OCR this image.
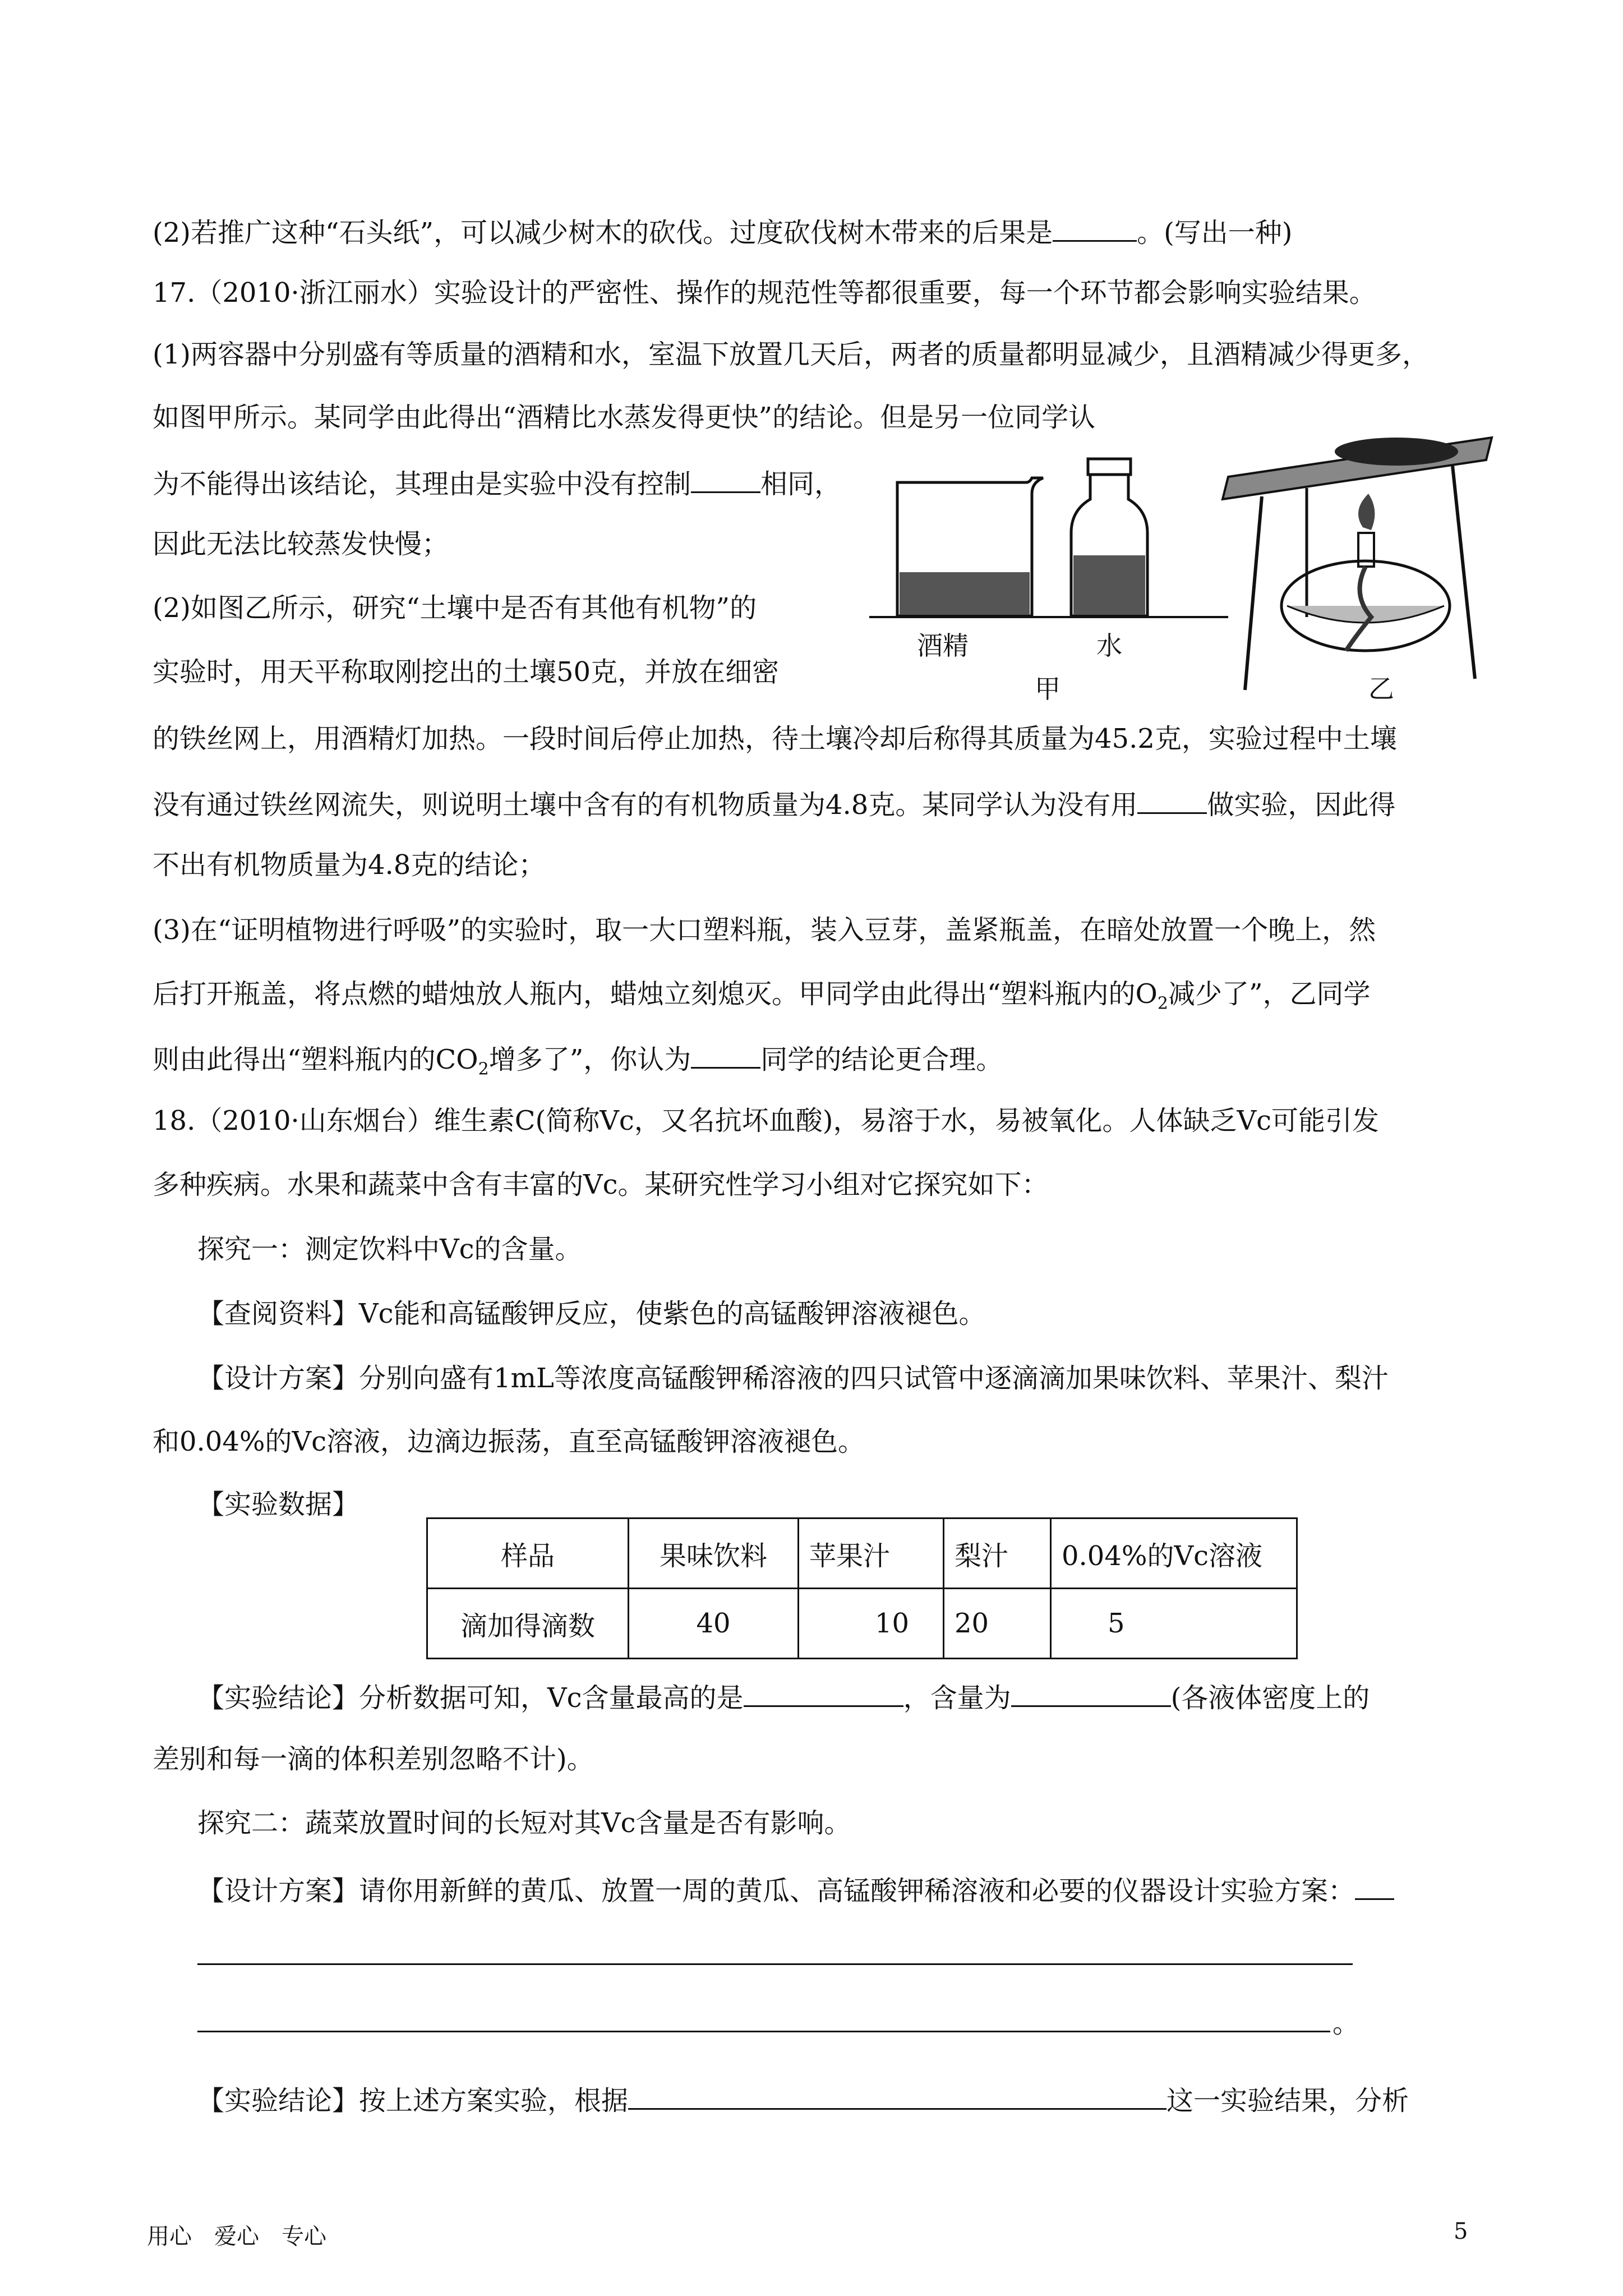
(2)若推广这种“石头纸”，可以减少树木的砍伐。过度砍伐树木带来的后果是	。(写出一种)
17.（2010·浙江丽水）实验设计的严密性、操作的规范性等都很重要，每一个环节都会影响实验结果。
(1)两容器中分别盛有等质量的酒精和水，室温下放置几天后，两者的质量都明显减少，且酒精减少得更多，
如图甲所示。某同学由此得出“酒精比水蒸发得更快”的结论。但是另一位同学认
为不能得出该结论，其理由是实验中没有控制	相同，
因此无法比较蒸发快慢；
(2)如图乙所示，研究“土壤中是否有其他有机物”的
实验时，用天平称取刚挖出的土壤50克，并放在细密
的铁丝网上，用酒精灯加热。一段时间后停止加热，待土壤冷却后称得其质量为45.2克，实验过程中土壤
没有通过铁丝网流失，则说明土壤中含有的有机物质量为4.8克。某同学认为没有用	做实验，因此得
不出有机物质量为4.8克的结论；
(3)在“证明植物进行呼吸”的实验时，取一大口塑料瓶，装入豆芽，盖紧瓶盖，在暗处放置一个晚上，然
后打开瓶盖，将点燃的蜡烛放人瓶内，蜡烛立刻熄灭。甲同学由此得出“塑料瓶内的$O_2$减少了”，乙同学
则由此得出“塑料瓶内的$CO_2$增多了”，你认为	同学的结论更合理。
18.（2010·山东烟台）维生素C(简称Vc，又名抗坏血酸)，易溶于水，易被氧化。人体缺乏Vc可能引发
多种疾病。水果和蔬菜中含有丰富的Vc。某研究性学习小组对它探究如下：
探究一：测定饮料中Vc的含量。
【查阅资料】Vc能和高锰酸钾反应，使紫色的高锰酸钾溶液褪色。
【设计方案】分别向盛有1mL等浓度高锰酸钾稀溶液的四只试管中逐滴滴加果味饮料、苹果汁、梨汁
和0.04%的Vc溶液，边滴边振荡，直至高锰酸钾溶液褪色。
【实验数据】
样品	果味饮料	苹果汁	梨汁	0.04%的Vc溶液
滴加得滴数	40	10	20	5
【实验结论】分析数据可知，Vc含量最高的是	，含量为	(各液体密度上的
差别和每一滴的体积差别忽略不计)。
探究二：蔬菜放置时间的长短对其Vc含量是否有影响。
【设计方案】请你用新鲜的黄瓜、放置一周的黄瓜、高锰酸钾稀溶液和必要的仪器设计实验方案：
。
【实验结论】按上述方案实验，根据	这一实验结果，分析
酒精	水
甲	乙
用心　爱心　专心	5
